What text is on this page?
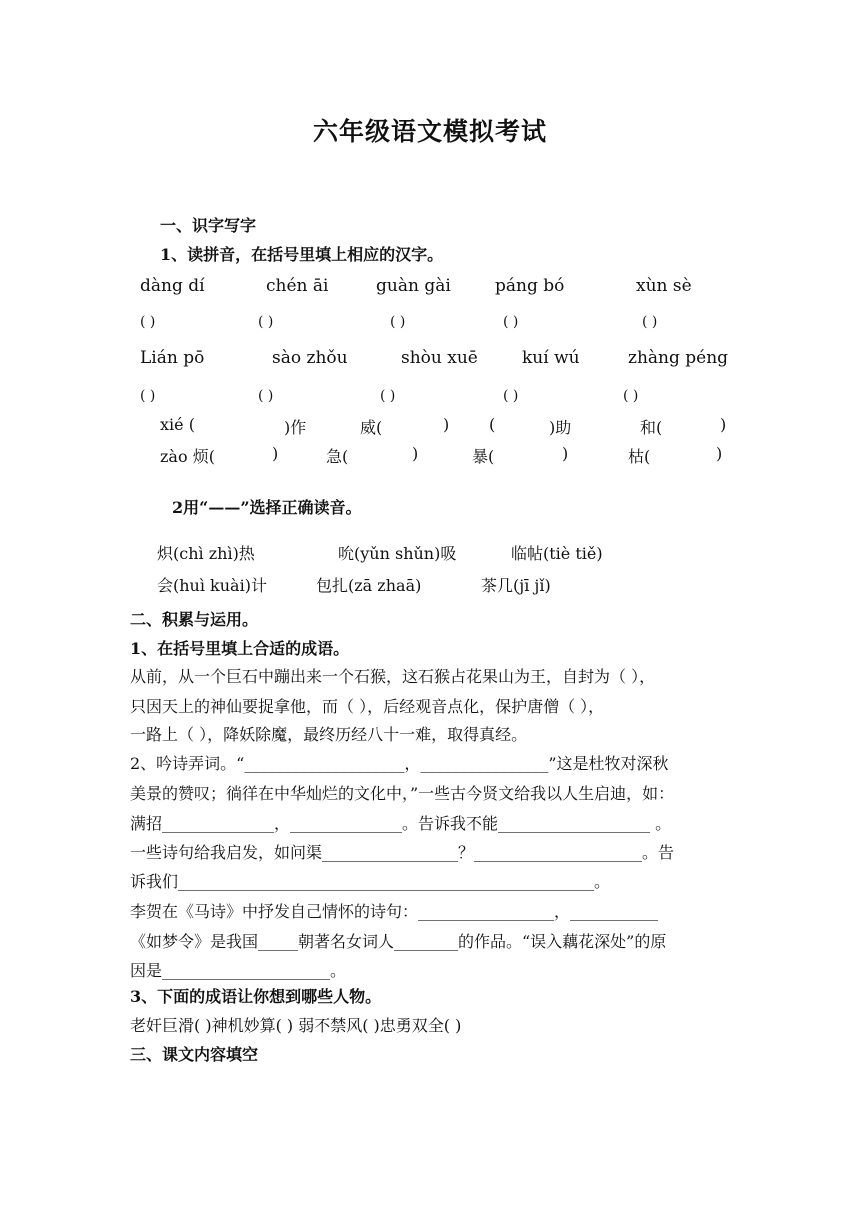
六年级语文模拟考试
一、识字写字
1、读拼音，在括号里填上相应的汉字。
dàng dí	chén āi	guàn gài	páng bó	xùn sè
( )	( )	( )	( )	( )
Lián pō	sào zhǒu	shòu xuē	kuí wú	zhàng péng
( )	( )	( )	( )	( )
xié (	)作	威(	) (	)助	和(	)
zào 烦(	)	急(	)	暴(	)	枯(	)
2用“——”选择正确读音。
炽(chì zhì)热	吮(yǔn shǔn)吸	临帖(tiè tiě)
会(huì kuài)计	包扎(zā zhaā)	茶几(jī jǐ)
二、积累与运用。
1、在括号里填上合适的成语。
从前，从一个巨石中蹦出来一个石猴，这石猴占花果山为王，自封为（ ），
只因天上的神仙要捉拿他，而（ ），后经观音点化，保护唐僧（ ），
一路上（ ），降妖除魔，最终历经八十一难，取得真经。
2、吟诗弄词。“____________________，________________”这是杜牧对深秋
美景的赞叹；徜徉在中华灿烂的文化中，”一些古今贤文给我以人生启迪，如：
满招______________，______________。告诉我不能___________________ 。
一些诗句给我启发，如问渠_________________？_____________________。告
诉我们____________________________________________________。
李贺在《马诗》中抒发自己情怀的诗句：_________________，___________
《如梦令》是我国_____朝著名女词人________的作品。“误入藕花深处”的原
因是_____________________。
3、下面的成语让你想到哪些人物。
老奸巨滑( )神机妙算( ) 弱不禁风( )忠勇双全( )
三、课文内容填空
